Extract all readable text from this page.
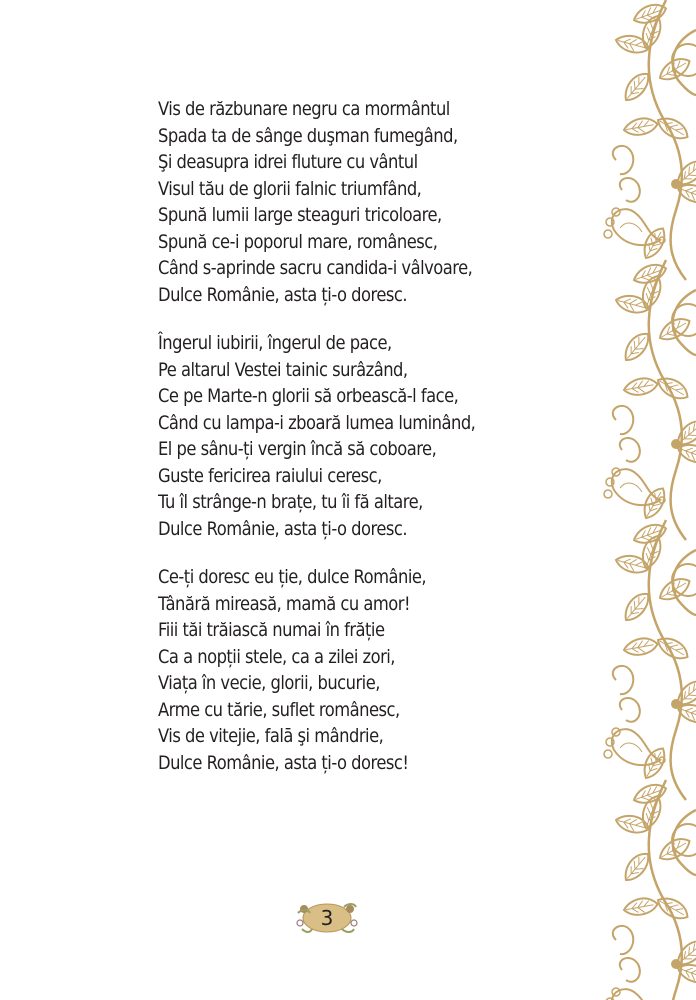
Vis de răzbunare negru ca mormântul
Spada ta de sânge duşman fumegând,
Şi deasupra idrei fluture cu vântul
Visul tău de glorii falnic triumfând,
Spună lumii large steaguri tricoloare,
Spună ce-i poporul mare, românesc,
Când s-aprinde sacru candida-i vâlvoare,
Dulce Românie, asta ți-o doresc.
Îngerul iubirii, îngerul de pace,
Pe altarul Vestei tainic surâzând,
Ce pe Marte-n glorii să orbească-l face,
Când cu lampa-i zboară lumea luminând,
El pe sânu-ți vergin încă să coboare,
Guste fericirea raiului ceresc,
Tu îl strânge-n brațe, tu îi fă altare,
Dulce Românie, asta ți-o doresc.
Ce-ți doresc eu ție, dulce Românie,
Tânără mireasă, mamă cu amor!
Fiii tăi trăiască numai în frăție
Ca a nopții stele, ca a zilei zori,
Viața în vecie, glorii, bucurie,
Arme cu tărie, suflet românesc,
Vis de vitejie, falā şi mândrie,
Dulce Românie, asta ți-o doresc!
3
